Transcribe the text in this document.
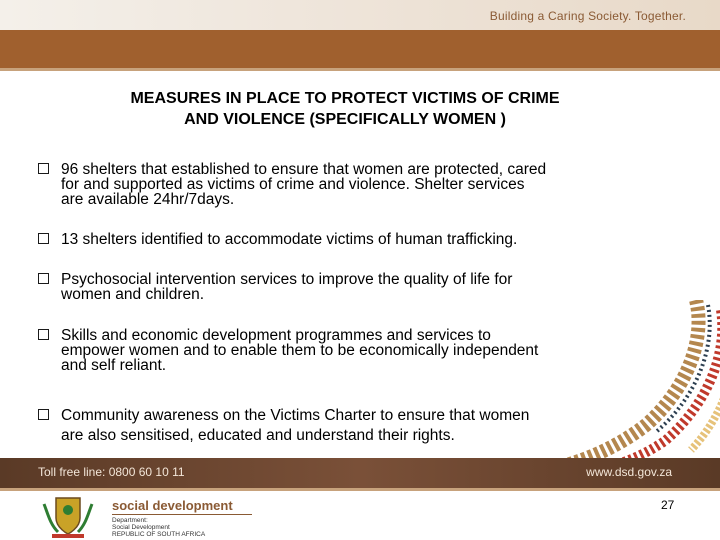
Building a Caring Society. Together.
MEASURES IN PLACE TO PROTECT VICTIMS OF CRIME
AND VIOLENCE (SPECIFICALLY WOMEN )
96 shelters that established to ensure that women are protected, cared
for and supported as victims of crime and violence. Shelter services
are available 24hr/7days.
13 shelters identified to accommodate victims of human trafficking.
Psychosocial intervention services to improve the quality of life for
women and children.
Skills and economic development programmes and services to
empower women and to enable them to be economically independent
and self reliant.
Community awareness on the Victims Charter to ensure that women
are also sensitised, educated and understand their rights.
Toll free line: 0800 60 10 11	www.dsd.gov.za
social development
Department:
Social Development
REPUBLIC OF SOUTH AFRICA
27
